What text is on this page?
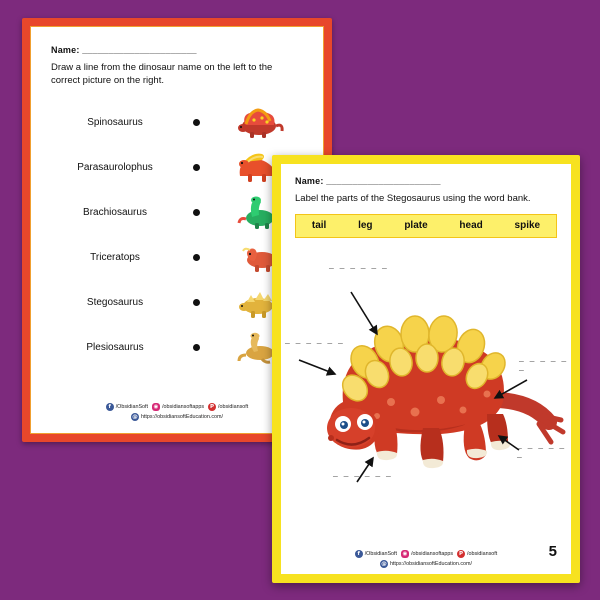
Name: ______________________
Draw a line from the dinosaur name on the left to the correct picture on the right.
Spinosaurus
Parasaurolophus
Brachiosaurus
Triceratops
Stegosaurus
Plesiosaurus
f /ObsidianSoft ◉ /obsidiansoftapps	P /obsidiansoft
@ https://obsidiansoftEducation.com/
Name: ______________________
Label the parts of the Stegosaurus using the word bank.
tail	leg	plate	head	spike
_ _ _ _ _ _
_ _ _ _ _ _
_ _ _ _ _ _
_ _ _ _ _ _
_ _ _ _ _ _
5
f /ObsidianSoft ◉ /obsidiansoftapps	P /obsidiansoft
@ https://obsidiansoftEducation.com/
